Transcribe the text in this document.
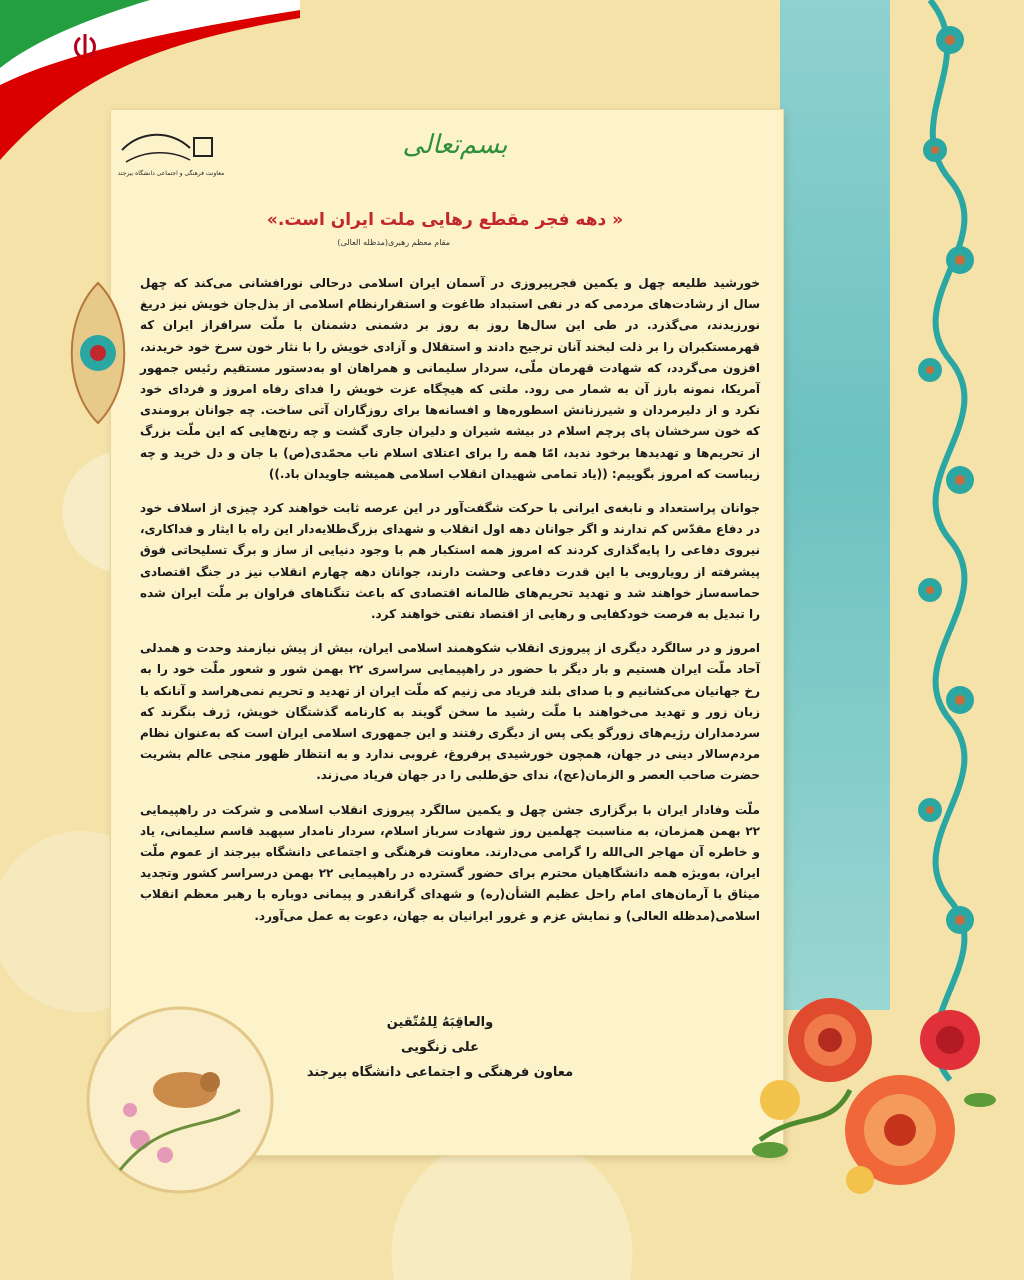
معاونت فرهنگی و اجتماعی دانشگاه بیرجند
بسم‌تعالی
« دهه فجر مقطع رهایی ملت ایران است.»
مقام معظم رهبری(مدظله العالی)

خورشید طلیعه چهل و یکمین فجرپیروزی در آسمان ایران اسلامی درحالی نورافشانی می‌کند که چهل سال از رشادت‌های مردمی که در نفی استبداد طاغوت و استقرارنظام اسلامی از بذل‌جان خویش نیز دریغ نورزیدند، می‌گذرد. در طی این سال‌ها روز به روز بر دشمنی دشمنان با ملّت سرافراز ایران که قهرمستکبران را بر ذلت لبخند آنان ترجیح دادند و استقلال و آزادی خویش را با نثار خون سرخ خود خریدند، افزون می‌گردد، که شهادت قهرمان ملّی، سردار سلیمانی و همراهان او به‌دستور مستقیم رئیس جمهور آمریکا، نمونه بارز آن به شمار می رود. ملتی که هیچگاه عزت خویش را فدای رفاه امروز و فردای خود نکرد و از دلیرمردان و شیرزنانش اسطوره‌ها و افسانه‌ها برای روزگاران آتی ساخت. چه جوانان برومندی که خون سرخشان پای پرچم اسلام در بیشه شیران و دلیران جاری گشت و چه رنج‌هایی که این ملّت بزرگ از تحریم‌ها و تهدیدها برخود ندید، امّا همه را برای اعتلای اسلام ناب محمّدی(ص) با جان و دل خرید و چه زیباست که امروز بگوییم: ((یاد تمامی شهیدان انقلاب اسلامی همیشه جاویدان باد.))

جوانان پراستعداد و نابغه‌ی ایرانی با حرکت شگفت‌آور در این عرصه ثابت خواهند کرد چیزی از اسلاف خود در دفاع مقدّس کم ندارند و اگر جوانان دهه اول انقلاب و شهدای بزرگ‌طلایه‌دار این راه با ایثار و فداکاری، نیروی دفاعی را پایه‌گذاری کردند که امروز همه استکبار هم با وجود دنیایی از ساز و برگ تسلیحاتی فوق پیشرفته از رویارویی با این قدرت دفاعی وحشت دارند، جوانان دهه چهارم انقلاب نیز در جنگ اقتصادی حماسه‌ساز خواهند شد و تهدید تحریم‌های ظالمانه اقتصادی که باعث تنگناهای فراوان بر ملّت ایران شده را تبدیل به فرصت خودکفایی و رهایی از اقتصاد نفتی خواهند کرد.

امروز و در سالگرد دیگری از پیروزی انقلاب شکوهمند اسلامی ایران، بیش از پیش نیازمند وحدت و همدلی آحاد ملّت ایران هستیم و بار دیگر با حضور در راهپیمایی سراسری ۲۲ بهمن شور و شعور ملّت خود را به رخ جهانیان می‌کشانیم و با صدای بلند فریاد می زنیم که ملّت ایران از تهدید و تحریم نمی‌هراسد و آنانکه با زبان زور و تهدید می‌خواهند با ملّت رشید ما سخن گویند به کارنامه گذشتگان خویش، ژرف بنگرند که سردمداران رژیم‌های زورگو یکی پس از دیگری رفتند و این جمهوری اسلامی ایران است که به‌عنوان نظام مردم‌سالار دینی در جهان، همچون خورشیدی پرفروغ، غروبی ندارد و به انتظار ظهور منجی عالم بشریت حضرت صاحب العصر و الزمان(عج)، ندای حق‌طلبی را در جهان فریاد می‌زند.

ملّت وفادار ایران با برگزاری جشن چهل و یکمین سالگرد پیروزی انقلاب اسلامی و شرکت در راهپیمایی ۲۲ بهمن همزمان، به مناسبت چهلمین روز شهادت سرباز اسلام، سردار نامدار سپهبد قاسم سلیمانی، یاد و خاطره آن مهاجر الی‌الله را گرامی می‌دارند. معاونت فرهنگی و اجتماعی دانشگاه بیرجند از عموم ملّت ایران، به‌ویژه همه دانشگاهیان محترم برای حضور گسترده در راهپیمایی ۲۲ بهمن درسراسر کشور وتجدید میثاق با آرمان‌های امام راحل عظیم الشأن(ره) و شهدای گرانقدر و پیمانی دوباره با رهبر معظم انقلاب اسلامی(مدظله العالی) و نمایش عزم و غرور ایرانیان به جهان، دعوت به عمل می‌آورد.

والعاقِبَهُ لِلمُتّقین
علی زنگویی
معاون فرهنگی و اجتماعی دانشگاه بیرجند
